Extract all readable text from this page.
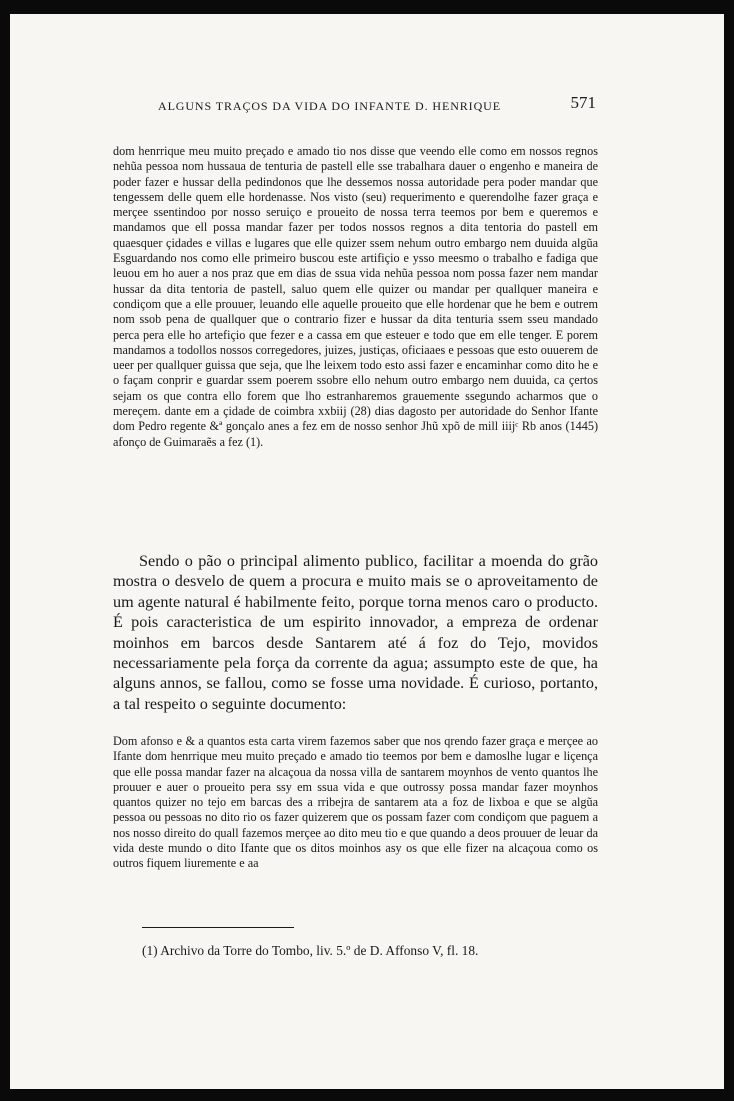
ALGUNS TRAÇOS DA VIDA DO INFANTE D. HENRIQUE	571
dom henrrique meu muito preçado e amado tio nos disse que veendo elle como em nossos regnos nehũa pessoa nom hussaua de tenturia de pastell elle sse trabalhara dauer o engenho e maneira de poder fazer e hussar della pedindonos que lhe dessemos nossa autoridade pera poder mandar que tengessem delle quem elle hordenasse. Nos visto (seu) requerimento e querendolhe fazer graça e merçee ssentindoo por nosso seruiço e proueito de nossa terra teemos por bem e queremos e mandamos que ell possa mandar fazer per todos nossos regnos a dita tentoria do pastell em quaesquer çidades e villas e lugares que elle quizer ssem nehum outro embargo nem duuida algũa Esguardando nos como elle primeiro buscou este artifiçio e ysso meesmo o trabalho e fadiga que leuou em ho auer a nos praz que em dias de ssua vida nehũa pessoa nom possa fazer nem mandar hussar da dita tentoria de pastell, saluo quem elle quizer ou mandar per quallquer maneira e condiçom que a elle prouuer, leuando elle aquelle proueito que elle hordenar que he bem e outrem nom ssob pena de quallquer que o contrario fizer e hussar da dita tenturia ssem sseu mandado perca pera elle ho artefiçio que fezer e a cassa em que esteuer e todo que em elle tenger. E porem mandamos a todollos nossos corregedores, juizes, justiças, oficiaaes e pessoas que esto ouuerem de ueer per quallquer guissa que seja, que lhe leixem todo esto assi fazer e encaminhar como dito he e o façam conprir e guardar ssem poerem ssobre ello nehum outro embargo nem duuida, ca çertos sejam os que contra ello forem que lho estranharemos grauemente ssegundo acharmos que o mereçem. dante em a çidade de coimbra xxbiij (28) dias dagosto per autoridade do Senhor Ifante dom Pedro regente &ª gonçalo anes a fez em de nosso senhor Jhũ xpõ de mill iiijᶜ Rb anos (1445) afonço de Guimaraẽs a fez (1).
Sendo o pão o principal alimento publico, facilitar a moenda do grão mostra o desvelo de quem a procura e muito mais se o aproveitamento de um agente natural é habilmente feito, porque torna menos caro o producto. É pois caracteristica de um espirito innovador, a empreza de ordenar moinhos em barcos desde Santarem até á foz do Tejo, movidos necessariamente pela força da corrente da agua; assumpto este de que, ha alguns annos, se fallou, como se fosse uma novidade. É curioso, portanto, a tal respeito o seguinte documento:
Dom afonso e & a quantos esta carta virem fazemos saber que nos qrendo fazer graça e merçee ao Ifante dom henrrique meu muito preçado e amado tio teemos por bem e damoslhe lugar e liçença que elle possa mandar fazer na alcaçoua da nossa villa de santarem moynhos de vento quantos lhe prouuer e auer o proueito pera ssy em ssua vida e que outrossy possa mandar fazer moynhos quantos quizer no tejo em barcas des a rribejra de santarem ata a foz de lixboa e que se algũa pessoa ou pessoas no dito rio os fazer quizerem que os possam fazer com condiçom que paguem a nos nosso direito do quall fazemos merçee ao dito meu tio e que quando a deos prouuer de leuar da vida deste mundo o dito Ifante que os ditos moinhos asy os que elle fizer na alcaçoua como os outros fiquem liuremente e aa
(1) Archivo da Torre do Tombo, liv. 5.º de D. Affonso V, fl. 18.
